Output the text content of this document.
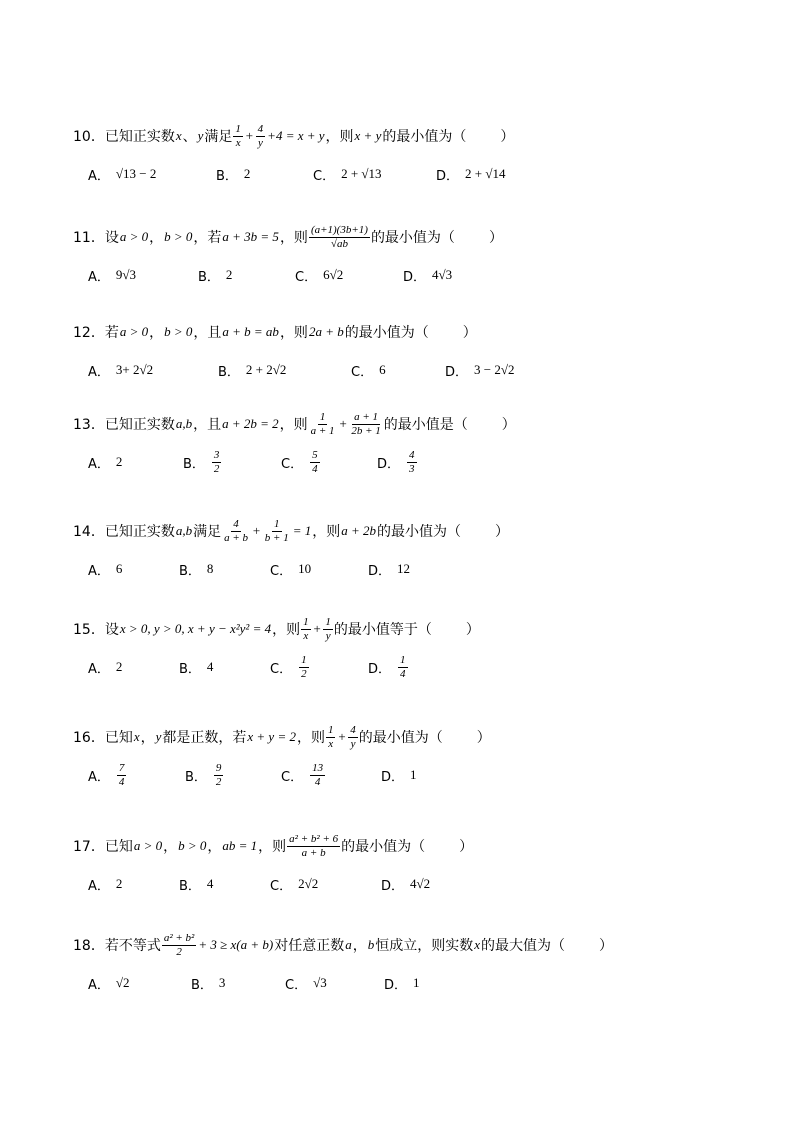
10．已知正实数 x 、 y 满足 $\frac{1}{x} + \frac{4}{y} +4 = x + y$ ，则 x + y 的最小值为（	）
A． √13 − 2	B． 2	C． 2 + √13	D． 2 + √14
11．设 a > 0 ， b > 0 ，若 a + 3b = 5 ，则 $\frac{(a+1)(3b+1)}{√ab}$ 的最小值为（	）
A． 9√3	B． 2	C． 6√2	D． 4√3
12．若 a > 0 ， b > 0 ，且 a + b = ab ，则 2a + b 的最小值为（	）
A． 3+ 2√2	B． 2 + 2√2	C． 6	D． 3 − 2√2
13．已知正实数 a,b ，且 a + 2b = 2 ，则 $\frac{1}{a + 1} + \frac{a + 1}{2b + 1}$ 的最小值是（	）
A． 2	B． $\frac{3}{2}$	C． $\frac{5}{4}$	D． $\frac{4}{3}$
14．已知正实数 a,b 满足 $\frac{4}{a + b} + \frac{1}{b + 1} = 1$ ，则 a + 2b 的最小值为（	）
A． 6	B． 8	C． 10	D． 12
15．设 x > 0, y > 0, x + y − x²y² = 4 ，则 $\frac{1}{x} + \frac{1}{y}$ 的最小值等于（	）
A． 2	B． 4	C． $\frac{1}{2}$	D． $\frac{1}{4}$
16．已知 x ， y 都是正数，若 x + y = 2 ，则 $\frac{1}{x} + \frac{4}{y}$ 的最小值为（	）
A． $\frac{7}{4}$	B． $\frac{9}{2}$	C． $\frac{13}{4}$	D． 1
17．已知 a > 0 ， b > 0 ， ab = 1 ，则 $\frac{\text{a² + b² + 6}}{a + b}$ 的最小值为（	）
A． 2	B． 4	C． 2√2	D． 4√2
18．若不等式 $\frac{\text{a² + b²}}{2} + 3 \ge x(a + b)$ 对任意正数 a ， b 恒成立，则实数 x 的最大值为（	）
A． √2	B． 3	C． √3	D． 1
